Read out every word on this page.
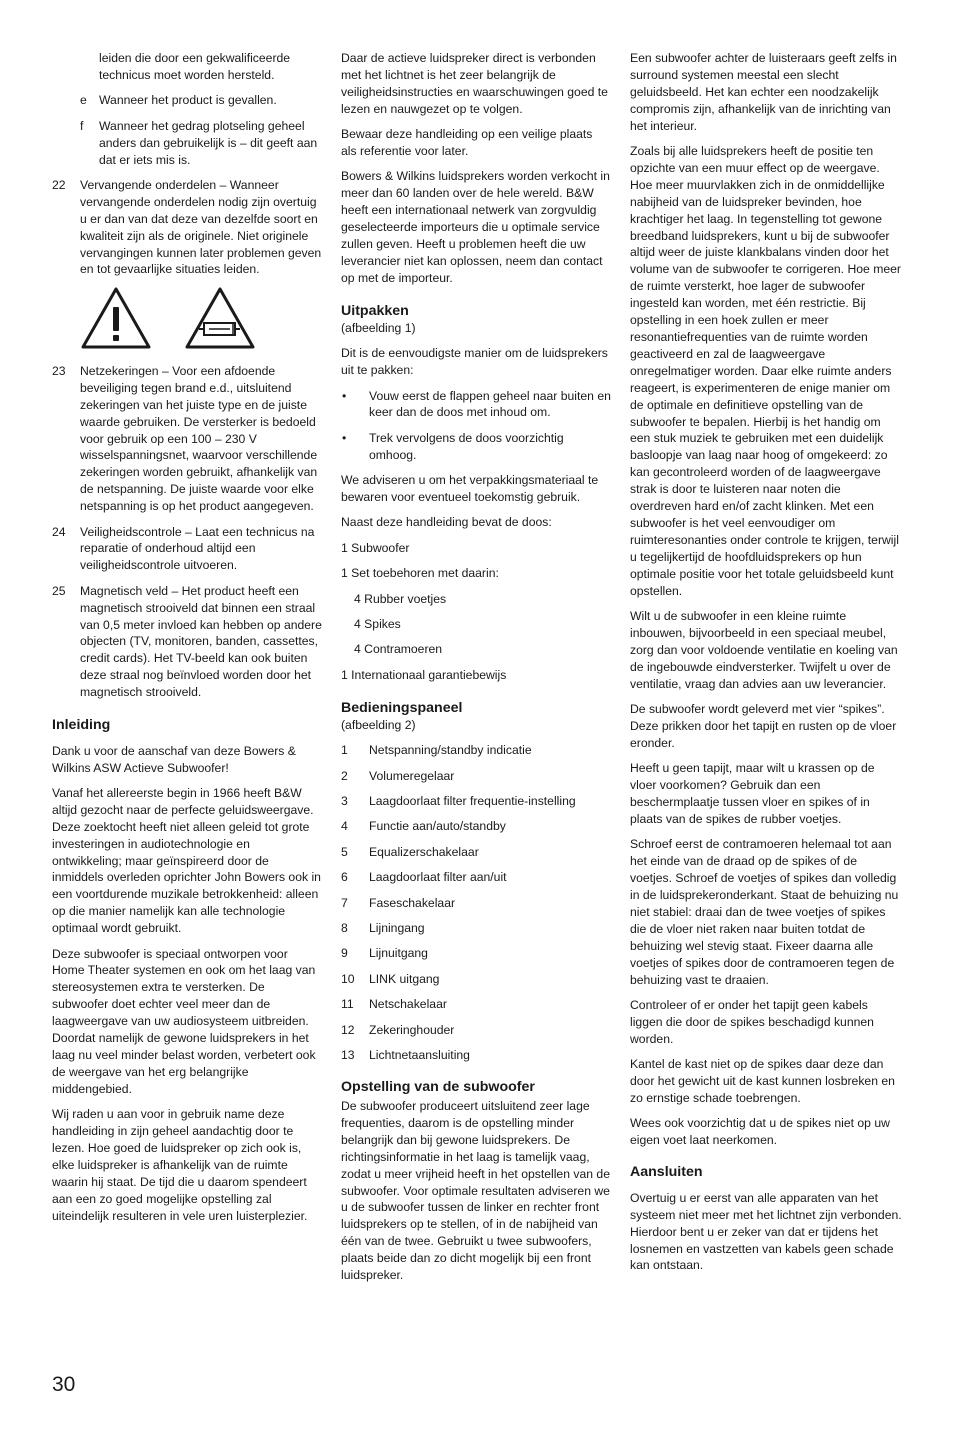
leiden die door een gekwalificeerde technicus moet worden hersteld.

e	Wanneer het product is gevallen.
f	Wanneer het gedrag plotseling geheel anders dan gebruikelijk is – dit geeft aan dat er iets mis is.
22	Vervangende onderdelen – Wanneer vervangende onderdelen nodig zijn overtuig u er dan van dat deze van dezelfde soort en kwaliteit zijn als de originele. Niet originele vervangingen kunnen later problemen geven en tot gevaarlijke situaties leiden.
23	Netzekeringen – Voor een afdoende beveiliging tegen brand e.d., uitsluitend zekeringen van het juiste type en de juiste waarde gebruiken. De versterker is bedoeld voor gebruik op een 100 – 230 V wisselspanningsnet, waarvoor verschillende zekeringen worden gebruikt, afhankelijk van de netspanning. De juiste waarde voor elke netspanning is op het product aangegeven.
24	Veiligheidscontrole – Laat een technicus na reparatie of onderhoud altijd een veiligheidscontrole uitvoeren.
25	Magnetisch veld – Het product heeft een magnetisch strooiveld dat binnen een straal van 0,5 meter invloed kan hebben op andere objecten (TV, monitoren, banden, cassettes, credit cards). Het TV-beeld kan ook buiten deze straal nog beïnvloed worden door het magnetisch strooiveld.
Inleiding

Dank u voor de aanschaf van deze Bowers & Wilkins ASW Actieve Subwoofer!

Vanaf het allereerste begin in 1966 heeft B&W altijd gezocht naar de perfecte geluidsweergave. Deze zoektocht heeft niet alleen geleid tot grote investeringen in audiotechnologie en ontwikkeling; maar geïnspireerd door de inmiddels overleden oprichter John Bowers ook in een voortdurende muzikale betrokkenheid: alleen op die manier namelijk kan alle technologie optimaal wordt gebruikt.

Deze subwoofer is speciaal ontworpen voor Home Theater systemen en ook om het laag van stereosystemen extra te versterken. De subwoofer doet echter veel meer dan de laagweergave van uw audiosysteem uitbreiden. Doordat namelijk de gewone luidsprekers in het laag nu veel minder belast worden, verbetert ook de weergave van het erg belangrijke middengebied.

Wij raden u aan voor in gebruik name deze handleiding in zijn geheel aandachtig door te lezen. Hoe goed de luidspreker op zich ook is, elke luidspreker is afhankelijk van de ruimte waarin hij staat. De tijd die u daarom spendeert aan een zo goed mogelijke opstelling zal uiteindelijk resulteren in vele uren luisterplezier.

Daar de actieve luidspreker direct is verbonden met het lichtnet is het zeer belangrijk de veiligheidsinstructies en waarschuwingen goed te lezen en nauwgezet op te volgen.

Bewaar deze handleiding op een veilige plaats als referentie voor later.

Bowers & Wilkins luidsprekers worden verkocht in meer dan 60 landen over de hele wereld. B&W heeft een internationaal netwerk van zorgvuldig geselecteerde importeurs die u optimale service zullen geven. Heeft u problemen heeft die uw leverancier niet kan oplossen, neem dan contact op met de importeur.

Uitpakken
(afbeelding 1)

Dit is de eenvoudigste manier om de luidsprekers uit te pakken:

•	Vouw eerst de flappen geheel naar buiten en keer dan de doos met inhoud om.
•	Trek vervolgens de doos voorzichtig omhoog.

We adviseren u om het verpakkingsmateriaal te bewaren voor eventueel toekomstig gebruik.

Naast deze handleiding bevat de doos:

1 Subwoofer
1 Set toebehoren met daarin:
4 Rubber voetjes
4 Spikes
4 Contramoeren
1 Internationaal garantiebewijs
Bedieningspaneel
(afbeelding 2)
1	Netspanning/standby indicatie
2	Volumeregelaar
3	Laagdoorlaat filter frequentie-instelling
4	Functie aan/auto/standby
5	Equalizerschakelaar
6	Laagdoorlaat filter aan/uit
7	Faseschakelaar
8	Lijningang
9	Lijnuitgang
10	LINK uitgang
11	Netschakelaar
12	Zekeringhouder
13	Lichtnetaansluiting
Opstelling van de subwoofer

De subwoofer produceert uitsluitend zeer lage frequenties, daarom is de opstelling minder belangrijk dan bij gewone luidsprekers. De richtingsinformatie in het laag is tamelijk vaag, zodat u meer vrijheid heeft in het opstellen van de subwoofer. Voor optimale resultaten adviseren we u de subwoofer tussen de linker en rechter front luidsprekers op te stellen, of in de nabijheid van één van de twee. Gebruikt u twee subwoofers, plaats beide dan zo dicht mogelijk bij een front luidspreker.

Een subwoofer achter de luisteraars geeft zelfs in surround systemen meestal een slecht geluidsbeeld. Het kan echter een noodzakelijk compromis zijn, afhankelijk van de inrichting van het interieur.

Zoals bij alle luidsprekers heeft de positie ten opzichte van een muur effect op de weergave. Hoe meer muurvlakken zich in de onmiddellijke nabijheid van de luidspreker bevinden, hoe krachtiger het laag. In tegenstelling tot gewone breedband luidsprekers, kunt u bij de subwoofer altijd weer de juiste klankbalans vinden door het volume van de subwoofer te corrigeren. Hoe meer de ruimte versterkt, hoe lager de subwoofer ingesteld kan worden, met één restrictie. Bij opstelling in een hoek zullen er meer resonantiefrequenties van de ruimte worden geactiveerd en zal de laagweergave onregelmatiger worden. Daar elke ruimte anders reageert, is experimenteren de enige manier om de optimale en definitieve opstelling van de subwoofer te bepalen. Hierbij is het handig om een stuk muziek te gebruiken met een duidelijk basloopje van laag naar hoog of omgekeerd: zo kan gecontroleerd worden of de laagweergave strak is door te luisteren naar noten die overdreven hard en/of zacht klinken. Met een subwoofer is het veel eenvoudiger om ruimteresonanties onder controle te krijgen, terwijl u tegelijkertijd de hoofdluidsprekers op hun optimale positie voor het totale geluidsbeeld kunt opstellen.

Wilt u de subwoofer in een kleine ruimte inbouwen, bijvoorbeeld in een speciaal meubel, zorg dan voor voldoende ventilatie en koeling van de ingebouwde eindversterker. Twijfelt u over de ventilatie, vraag dan advies aan uw leverancier.

De subwoofer wordt geleverd met vier “spikes”. Deze prikken door het tapijt en rusten op de vloer eronder.

Heeft u geen tapijt, maar wilt u krassen op de vloer voorkomen? Gebruik dan een beschermplaatje tussen vloer en spikes of in plaats van de spikes de rubber voetjes.

Schroef eerst de contramoeren helemaal tot aan het einde van de draad op de spikes of de voetjes. Schroef de voetjes of spikes dan volledig in de luidsprekeronderkant. Staat de behuizing nu niet stabiel: draai dan de twee voetjes of spikes die de vloer niet raken naar buiten totdat de behuizing wel stevig staat. Fixeer daarna alle voetjes of spikes door de contramoeren tegen de behuizing vast te draaien.

Controleer of er onder het tapijt geen kabels liggen die door de spikes beschadigd kunnen worden.

Kantel de kast niet op de spikes daar deze dan door het gewicht uit de kast kunnen losbreken en zo ernstige schade toebrengen.

Wees ook voorzichtig dat u de spikes niet op uw eigen voet laat neerkomen.

Aansluiten

Overtuig u er eerst van alle apparaten van het systeem niet meer met het lichtnet zijn verbonden. Hierdoor bent u er zeker van dat er tijdens het losnemen en vastzetten van kabels geen schade kan ontstaan.

30
